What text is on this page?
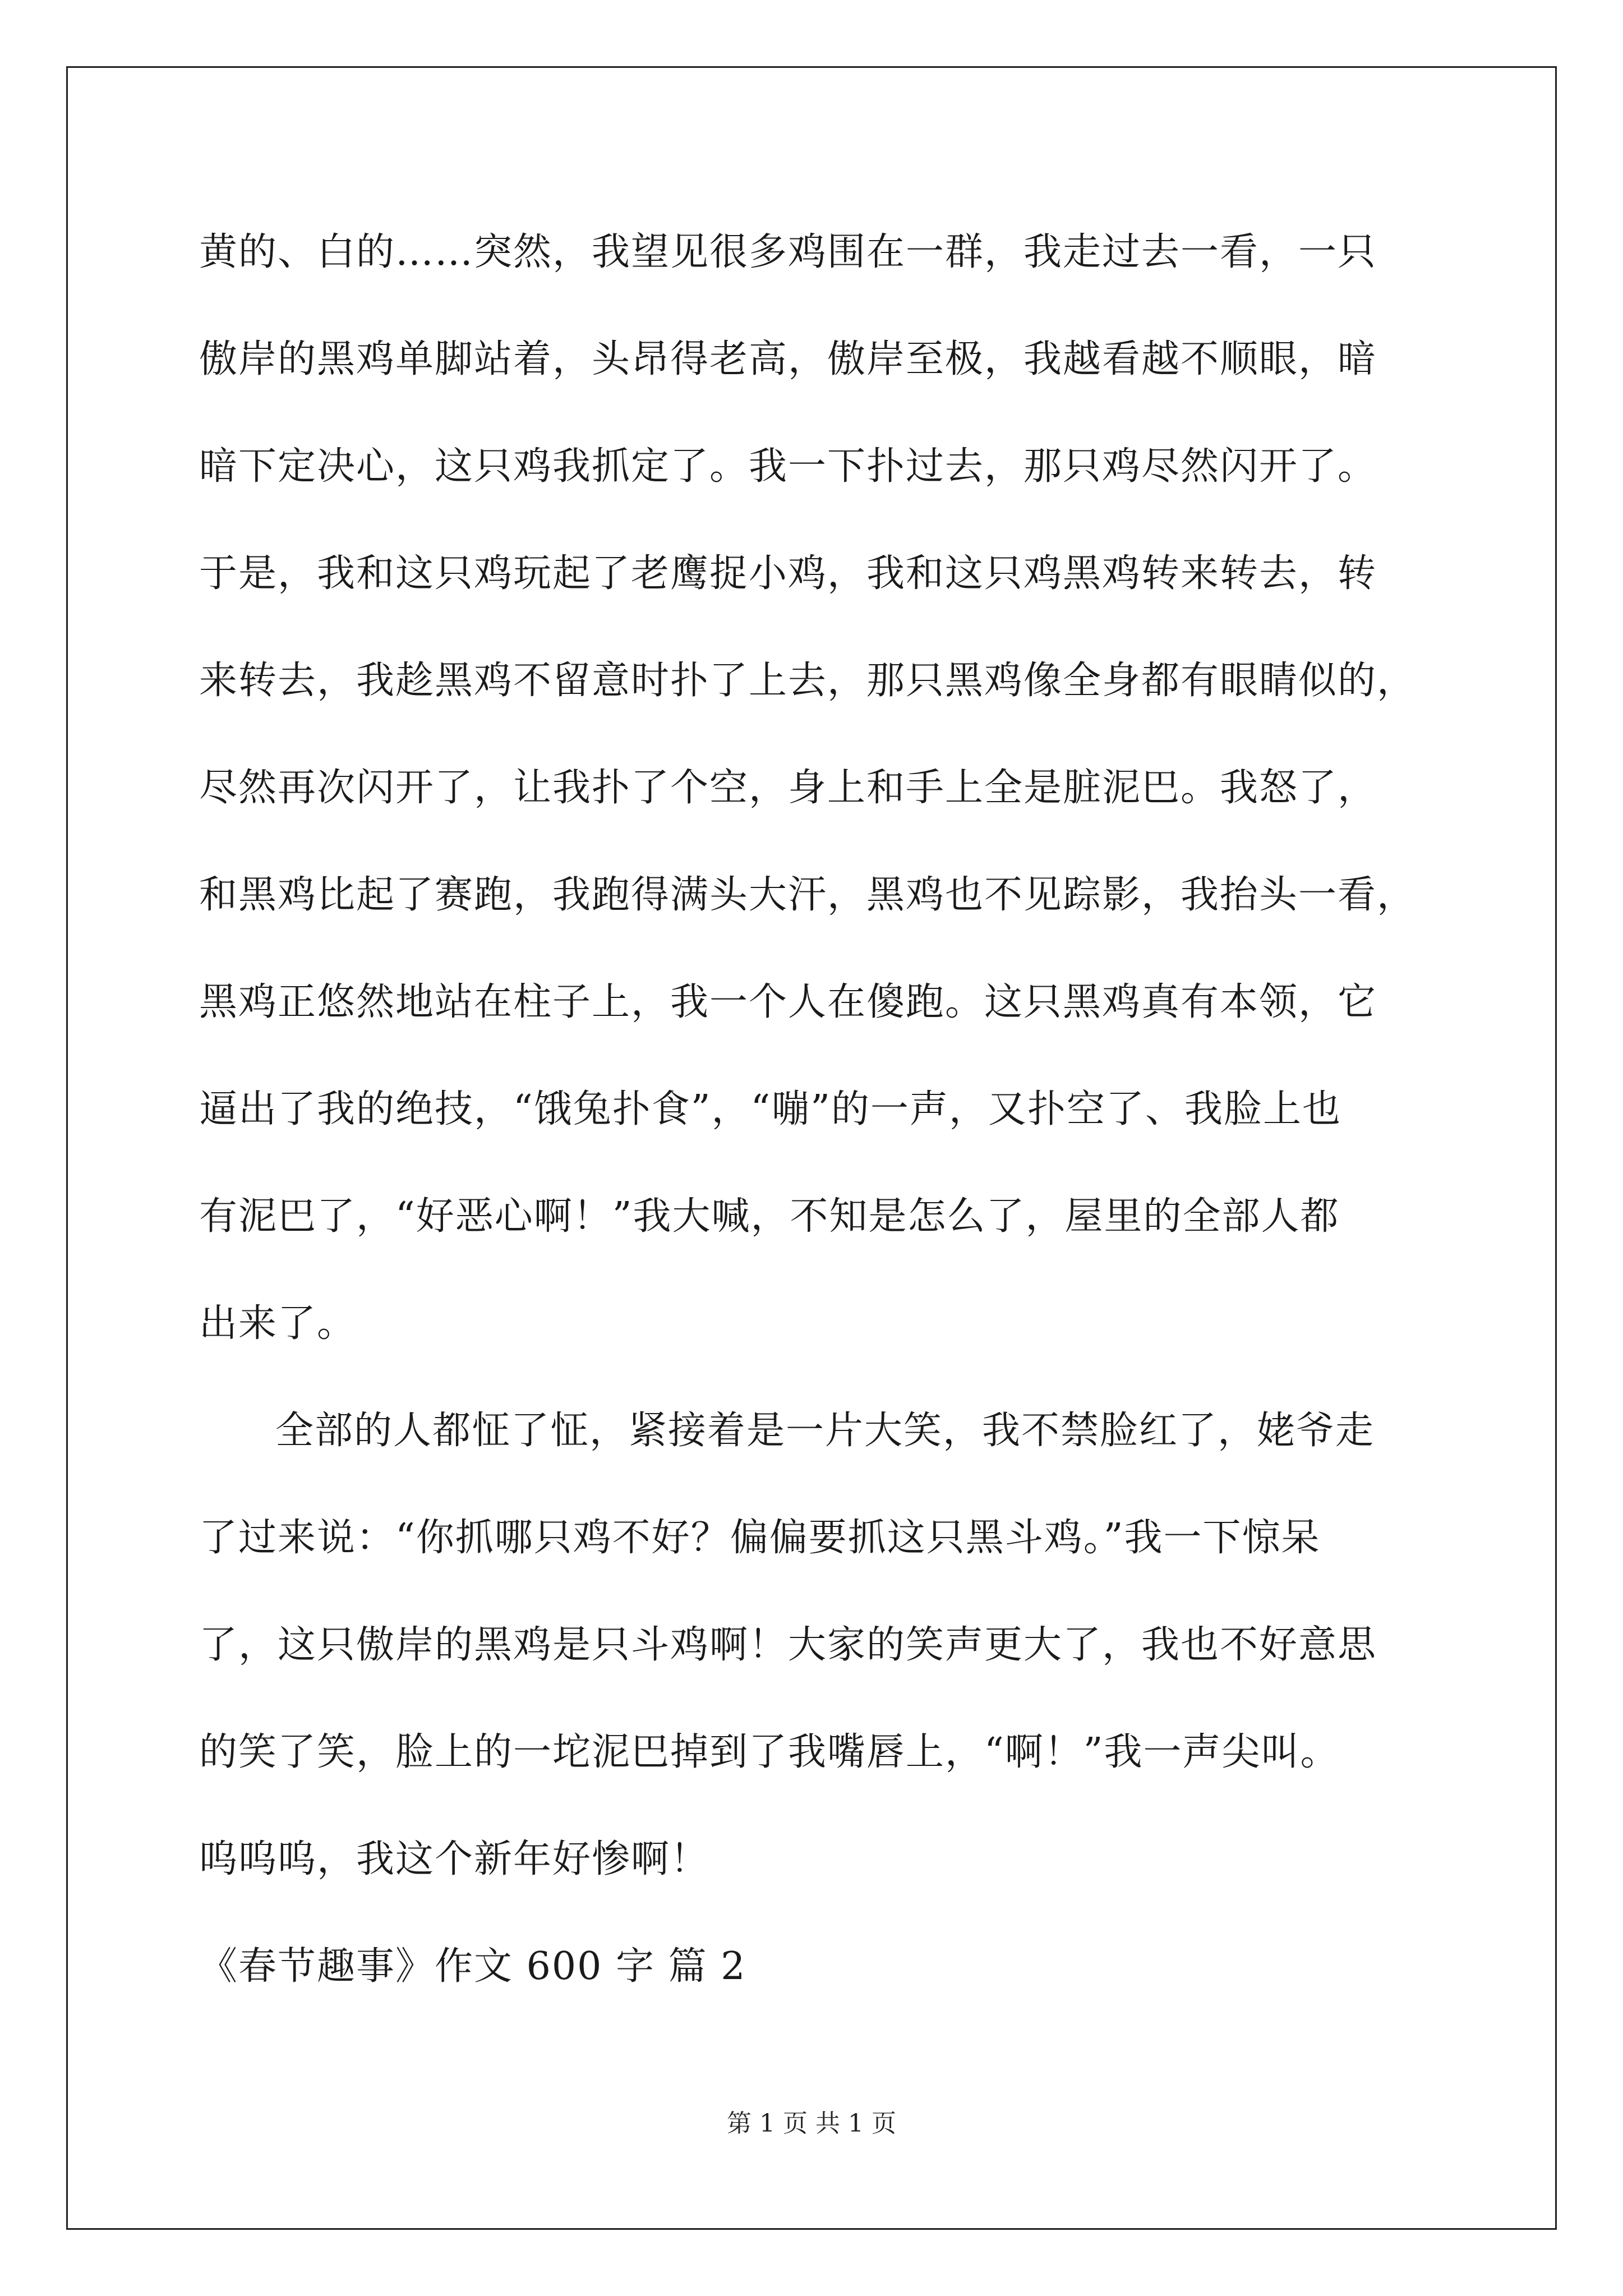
黄的、白的……突然，我望见很多鸡围在一群，我走过去一看，一只
傲岸的黑鸡单脚站着，头昂得老高，傲岸至极，我越看越不顺眼，暗
暗下定决心，这只鸡我抓定了。我一下扑过去，那只鸡尽然闪开了。
于是，我和这只鸡玩起了老鹰捉小鸡，我和这只鸡黑鸡转来转去，转
来转去，我趁黑鸡不留意时扑了上去，那只黑鸡像全身都有眼睛似的，
尽然再次闪开了，让我扑了个空，身上和手上全是脏泥巴。我怒了，
和黑鸡比起了赛跑，我跑得满头大汗，黑鸡也不见踪影，我抬头一看，
黑鸡正悠然地站在柱子上，我一个人在傻跑。这只黑鸡真有本领，它
逼出了我的绝技，“饿兔扑食”，“嘣”的一声，又扑空了、我脸上也
有泥巴了，“好恶心啊！”我大喊，不知是怎么了，屋里的全部人都
出来了。
全部的人都怔了怔，紧接着是一片大笑，我不禁脸红了，姥爷走
了过来说：“你抓哪只鸡不好？偏偏要抓这只黑斗鸡。”我一下惊呆
了，这只傲岸的黑鸡是只斗鸡啊！大家的笑声更大了，我也不好意思
的笑了笑，脸上的一坨泥巴掉到了我嘴唇上，“啊！”我一声尖叫。
呜呜呜，我这个新年好惨啊！
《春节趣事》作文 600 字 篇 2
第 1 页 共 1 页
